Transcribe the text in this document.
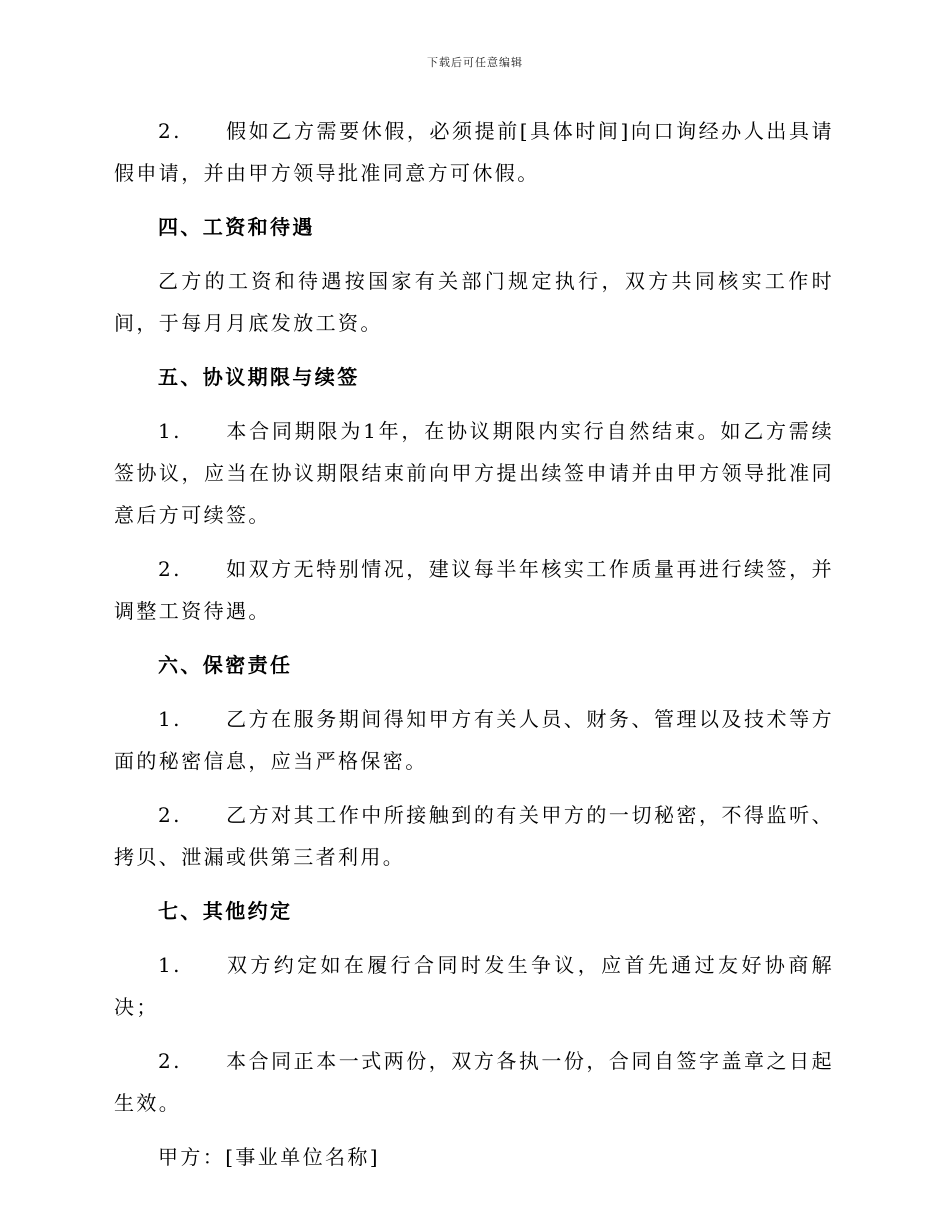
下载后可任意编辑
2. 假如乙方需要休假，必须提前[具体时间]向口询经办人出具请假申请，并由甲方领导批准同意方可休假。
四、工资和待遇
乙方的工资和待遇按国家有关部门规定执行，双方共同核实工作时间，于每月月底发放工资。
五、协议期限与续签
1. 本合同期限为1年，在协议期限内实行自然结束。如乙方需续签协议，应当在协议期限结束前向甲方提出续签申请并由甲方领导批准同意后方可续签。
2. 如双方无特别情况，建议每半年核实工作质量再进行续签，并调整工资待遇。
六、保密责任
1. 乙方在服务期间得知甲方有关人员、财务、管理以及技术等方面的秘密信息，应当严格保密。
2. 乙方对其工作中所接触到的有关甲方的一切秘密，不得监听、拷贝、泄漏或供第三者利用。
七、其他约定
1. 双方约定如在履行合同时发生争议，应首先通过友好协商解决；
2. 本合同正本一式两份，双方各执一份，合同自签字盖章之日起生效。
甲方：[事业单位名称]
